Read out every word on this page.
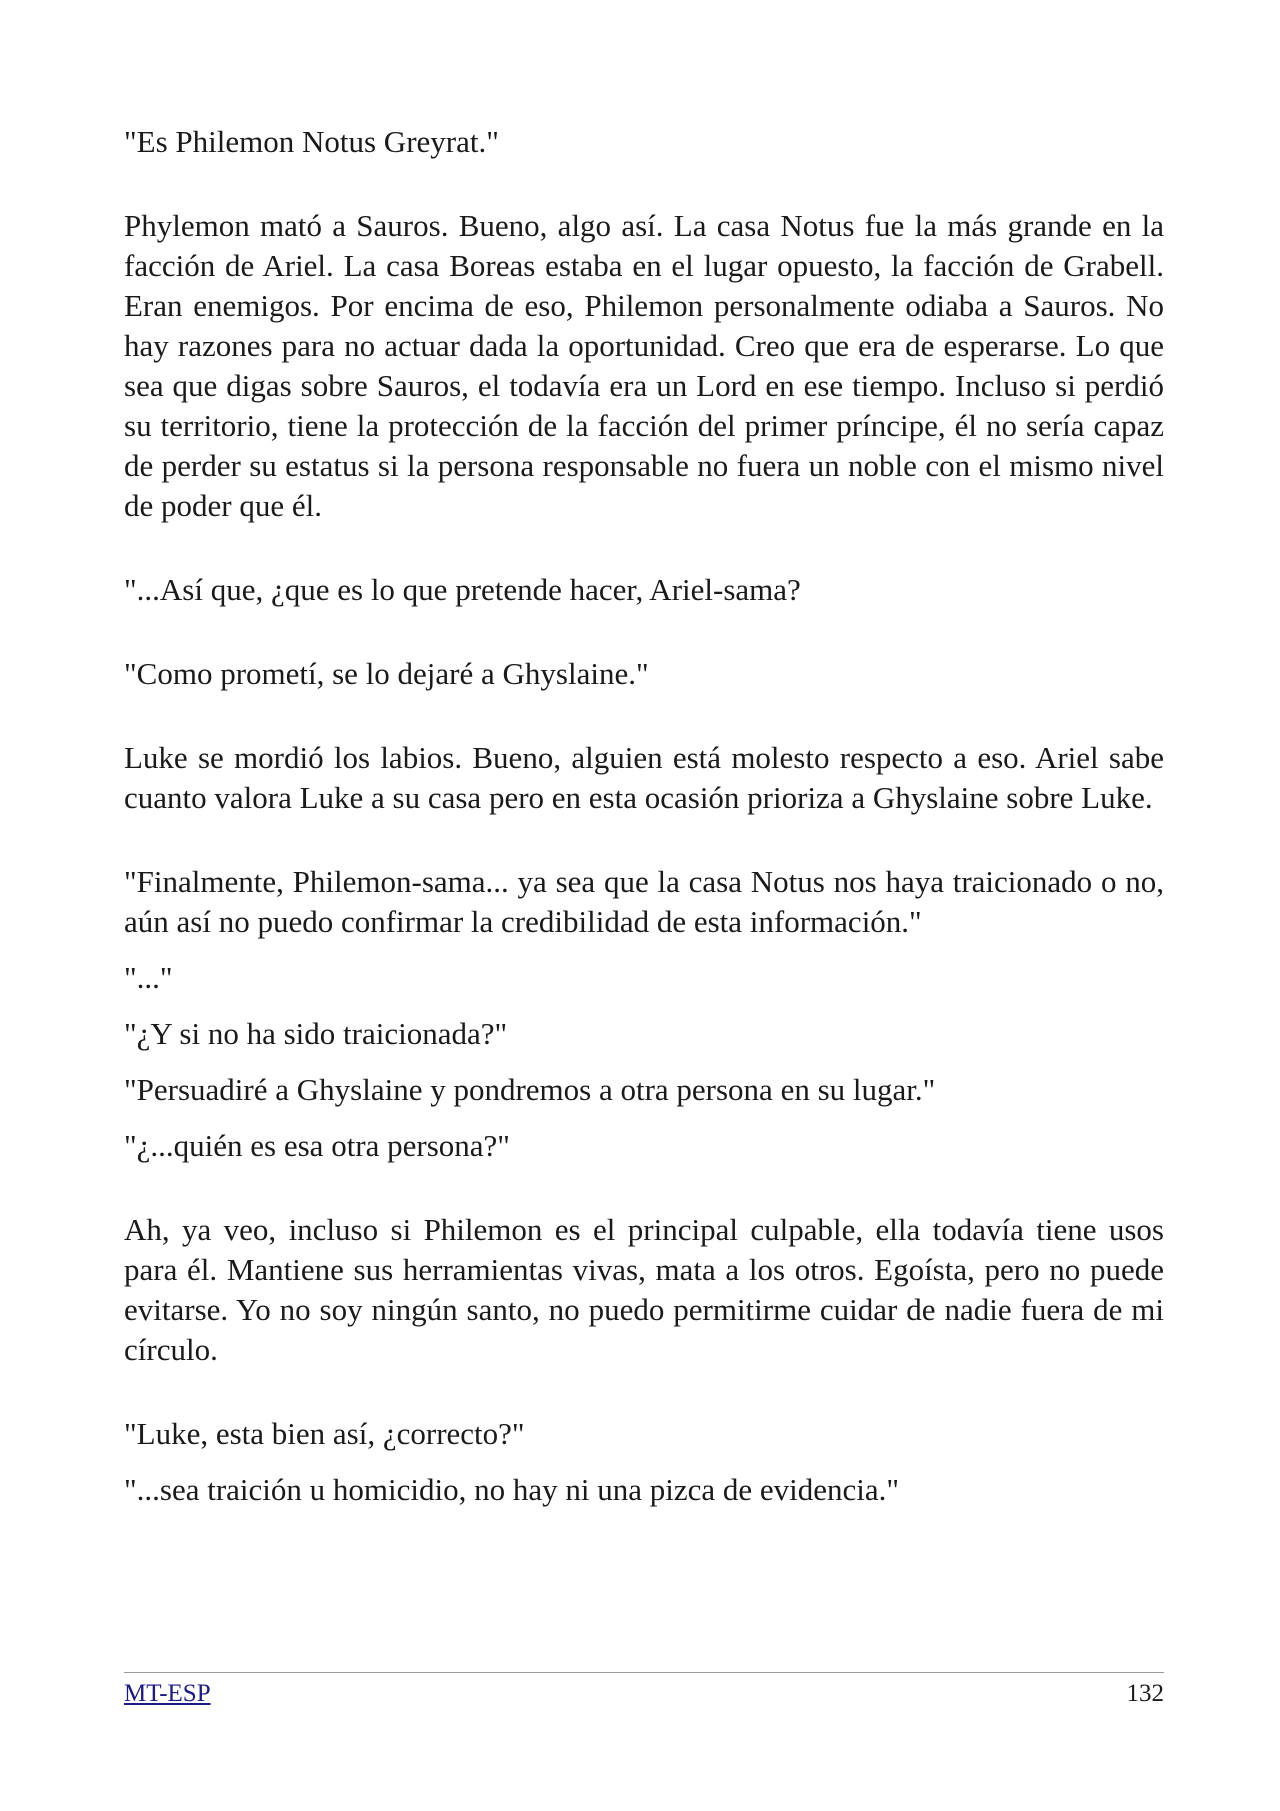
"Es Philemon Notus Greyrat."

Phylemon mató a Sauros. Bueno, algo así. La casa Notus fue la más grande en la facción de Ariel. La casa Boreas estaba en el lugar opuesto, la facción de Grabell. Eran enemigos. Por encima de eso, Philemon personalmente odiaba a Sauros. No hay razones para no actuar dada la oportunidad. Creo que era de esperarse. Lo que sea que digas sobre Sauros, el todavía era un Lord en ese tiempo. Incluso si perdió su territorio, tiene la protección de la facción del primer príncipe, él no sería capaz de perder su estatus si la persona responsable no fuera un noble con el mismo nivel de poder que él.

"...Así que, ¿que es lo que pretende hacer, Ariel-sama?

"Como prometí, se lo dejaré a Ghyslaine."

Luke se mordió los labios. Bueno, alguien está molesto respecto a eso. Ariel sabe cuanto valora Luke a su casa pero en esta ocasión prioriza a Ghyslaine sobre Luke.

"Finalmente, Philemon-sama... ya sea que la casa Notus nos haya traicionado o no, aún así no puedo confirmar la credibilidad de esta información."

"..."

"¿Y si no ha sido traicionada?"

"Persuadiré a Ghyslaine y pondremos a otra persona en su lugar."

"¿...quién es esa otra persona?"

Ah, ya veo, incluso si Philemon es el principal culpable, ella todavía tiene usos para él. Mantiene sus herramientas vivas, mata a los otros. Egoísta, pero no puede evitarse. Yo no soy ningún santo, no puedo permitirme cuidar de nadie fuera de mi círculo.

"Luke, esta bien así, ¿correcto?"

"...sea traición u homicidio, no hay ni una pizca de evidencia."

MT-ESP	132
